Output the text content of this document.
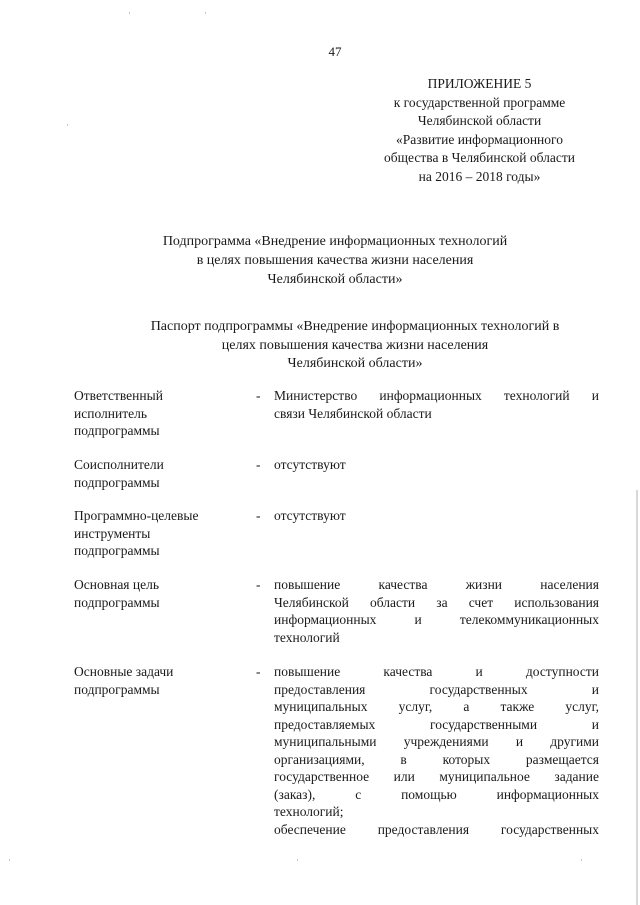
47
ПРИЛОЖЕНИЕ 5
к государственной программе
Челябинской области
«Развитие информационного
общества в Челябинской области
на 2016 – 2018 годы»
Подпрограмма «Внедрение информационных технологий
в целях повышения качества жизни населения
Челябинской области»
Паспорт подпрограммы «Внедрение информационных технологий в
целях повышения качества жизни населения
Челябинской области»
Ответственный
исполнитель
подпрограммы
- Министерство информационных технологий и
связи Челябинской области
Соисполнители
подпрограммы
- отсутствуют
Программно-целевые
инструменты
подпрограммы
- отсутствуют
Основная цель
подпрограммы
- повышение качества жизни населения
Челябинской области за счет использования
информационных и телекоммуникационных
технологий
Основные задачи
подпрограммы
- повышение качества и доступности
предоставления государственных и
муниципальных услуг, а также услуг,
предоставляемых государственными и
муниципальными учреждениями и другими
организациями, в которых размещается
государственное или муниципальное задание
(заказ), с помощью информационных
технологий;
обеспечение предоставления государственных
·	·
·
·	·	·
